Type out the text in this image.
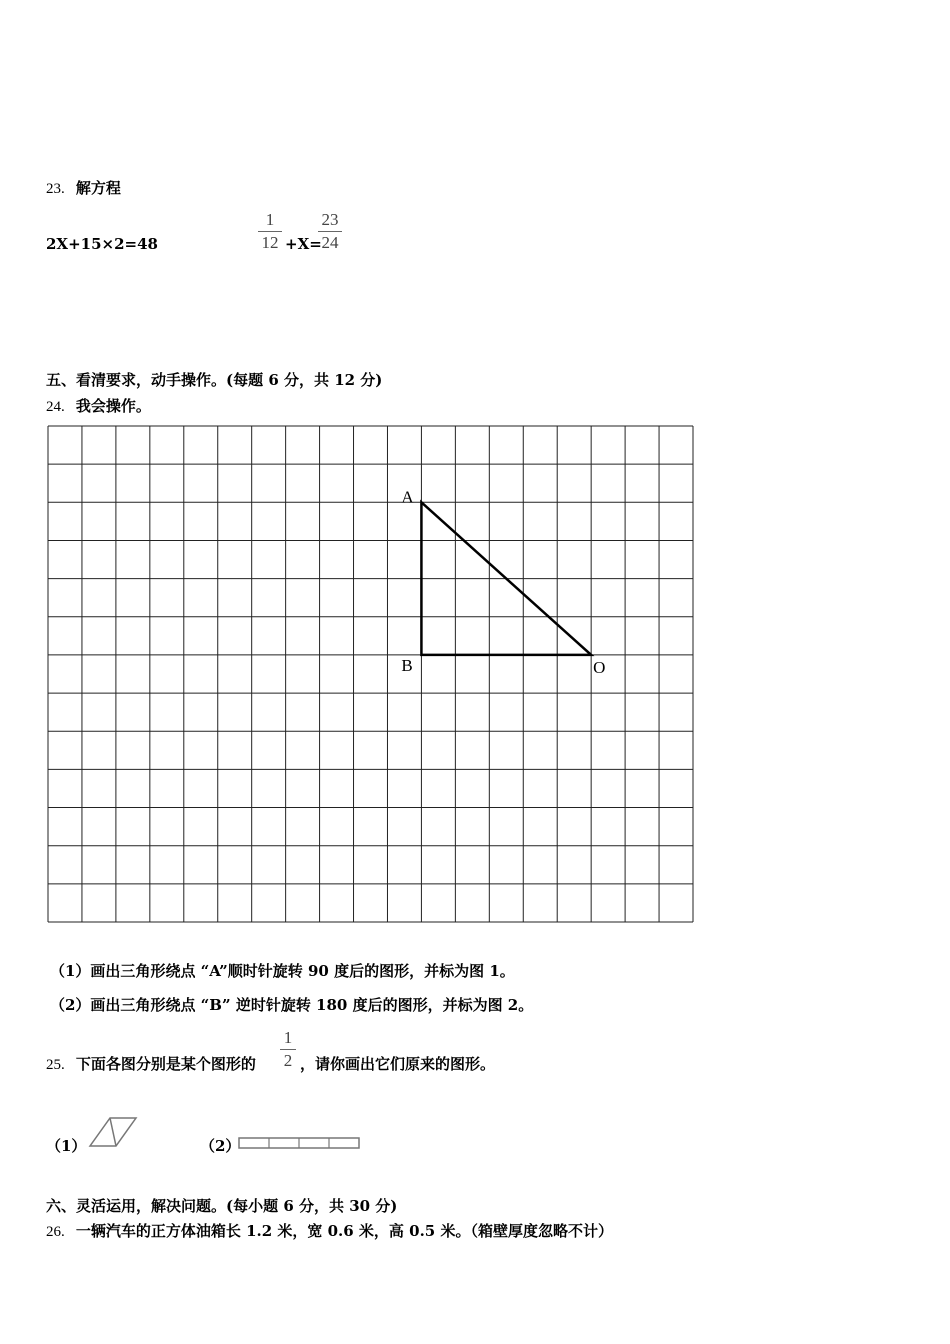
23. 解方程
2X+15×2=48
1
12 +X=
23
24
五、看清要求，动手操作。(每题 6 分，共 12 分)
24. 我会操作。
A
B	O
（1）画出三角形绕点 “A”顺时针旋转 90 度后的图形，并标为图 1。
（2）画出三角形绕点 “B” 逆时针旋转 180 度后的图形，并标为图 2。
25. 下面各图分别是某个图形的
1
2 ，请你画出它们原来的图形。
（1）	（2）
六、灵活运用，解决问题。(每小题 6 分，共 30 分)
26. 一辆汽车的正方体油箱长 1.2 米，宽 0.6 米，高 0.5 米。（箱壁厚度忽略不计）
